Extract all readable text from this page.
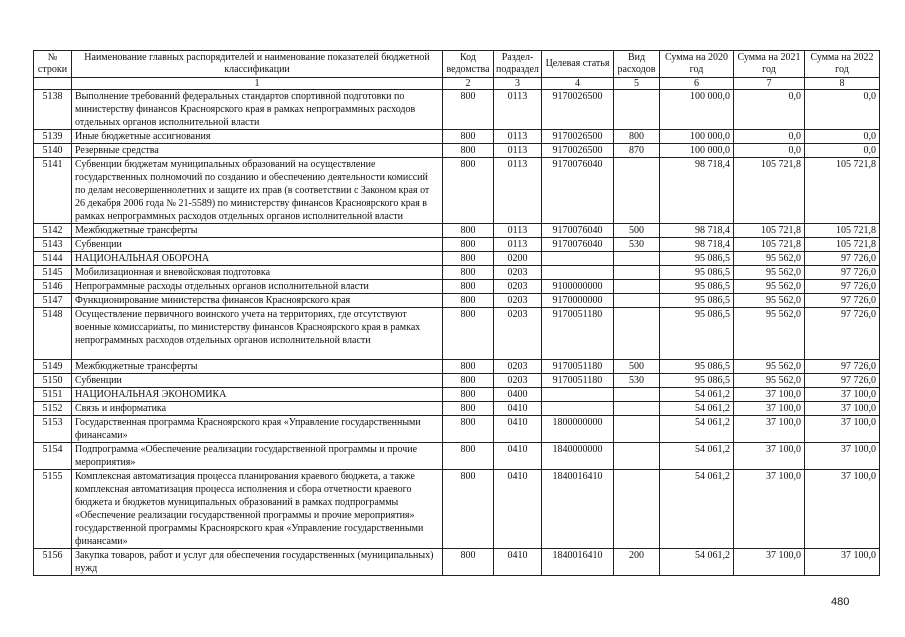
№ строки	Наименование главных распорядителей и наименование показателей бюджетной классификации	Код ведомства	Раздел-подраздел	Целевая статья	Вид расходов	Сумма на 2020 год	Сумма на 2021 год	Сумма на 2022 год
	1	2	3	4	5	6	7	8
5138	Выполнение требований федеральных стандартов спортивной подготовки по министерству финансов Красноярского края в рамках непрограммных расходов отдельных органов исполнительной власти	800	0113	9170026500		100 000,0	0,0	0,0
5139	Иные бюджетные ассигнования	800	0113	9170026500	800	100 000,0	0,0	0,0
5140	Резервные средства	800	0113	9170026500	870	100 000,0	0,0	0,0
5141	Субвенции бюджетам муниципальных образований на осуществление государственных полномочий по созданию и обеспечению деятельности комиссий по делам несовершеннолетних и защите их прав (в соответствии с Законом края от 26 декабря 2006 года № 21-5589) по министерству финансов Красноярского края в рамках непрограммных расходов отдельных органов исполнительной власти	800	0113	9170076040		98 718,4	105 721,8	105 721,8
5142	Межбюджетные трансферты	800	0113	9170076040	500	98 718,4	105 721,8	105 721,8
5143	Субвенции	800	0113	9170076040	530	98 718,4	105 721,8	105 721,8
5144	НАЦИОНАЛЬНАЯ ОБОРОНА	800	0200			95 086,5	95 562,0	97 726,0
5145	Мобилизационная и вневойсковая подготовка	800	0203			95 086,5	95 562,0	97 726,0
5146	Непрограммные расходы отдельных органов исполнительной власти	800	0203	9100000000		95 086,5	95 562,0	97 726,0
5147	Функционирование министерства финансов Красноярского края	800	0203	9170000000		95 086,5	95 562,0	97 726,0
5148	Осуществление первичного воинского учета на территориях, где отсутствуют военные комиссариаты, по министерству финансов Красноярского края в рамках непрограммных расходов отдельных органов исполнительной власти	800	0203	9170051180		95 086,5	95 562,0	97 726,0
5149	Межбюджетные трансферты	800	0203	9170051180	500	95 086,5	95 562,0	97 726,0
5150	Субвенции	800	0203	9170051180	530	95 086,5	95 562,0	97 726,0
5151	НАЦИОНАЛЬНАЯ ЭКОНОМИКА	800	0400			54 061,2	37 100,0	37 100,0
5152	Связь и информатика	800	0410			54 061,2	37 100,0	37 100,0
5153	Государственная программа Красноярского края «Управление государственными финансами»	800	0410	1800000000		54 061,2	37 100,0	37 100,0
5154	Подпрограмма «Обеспечение реализации государственной программы и прочие мероприятия»	800	0410	1840000000		54 061,2	37 100,0	37 100,0
5155	Комплексная автоматизация процесса планирования краевого бюджета, а также комплексная автоматизация процесса исполнения и сбора отчетности краевого бюджета и бюджетов муниципальных образований в рамках подпрограммы «Обеспечение реализации государственной программы и прочие мероприятия» государственной программы Красноярского края «Управление государственными финансами»	800	0410	1840016410		54 061,2	37 100,0	37 100,0
5156	Закупка товаров, работ и услуг для обеспечения государственных (муниципальных) нужд	800	0410	1840016410	200	54 061,2	37 100,0	37 100,0
480
